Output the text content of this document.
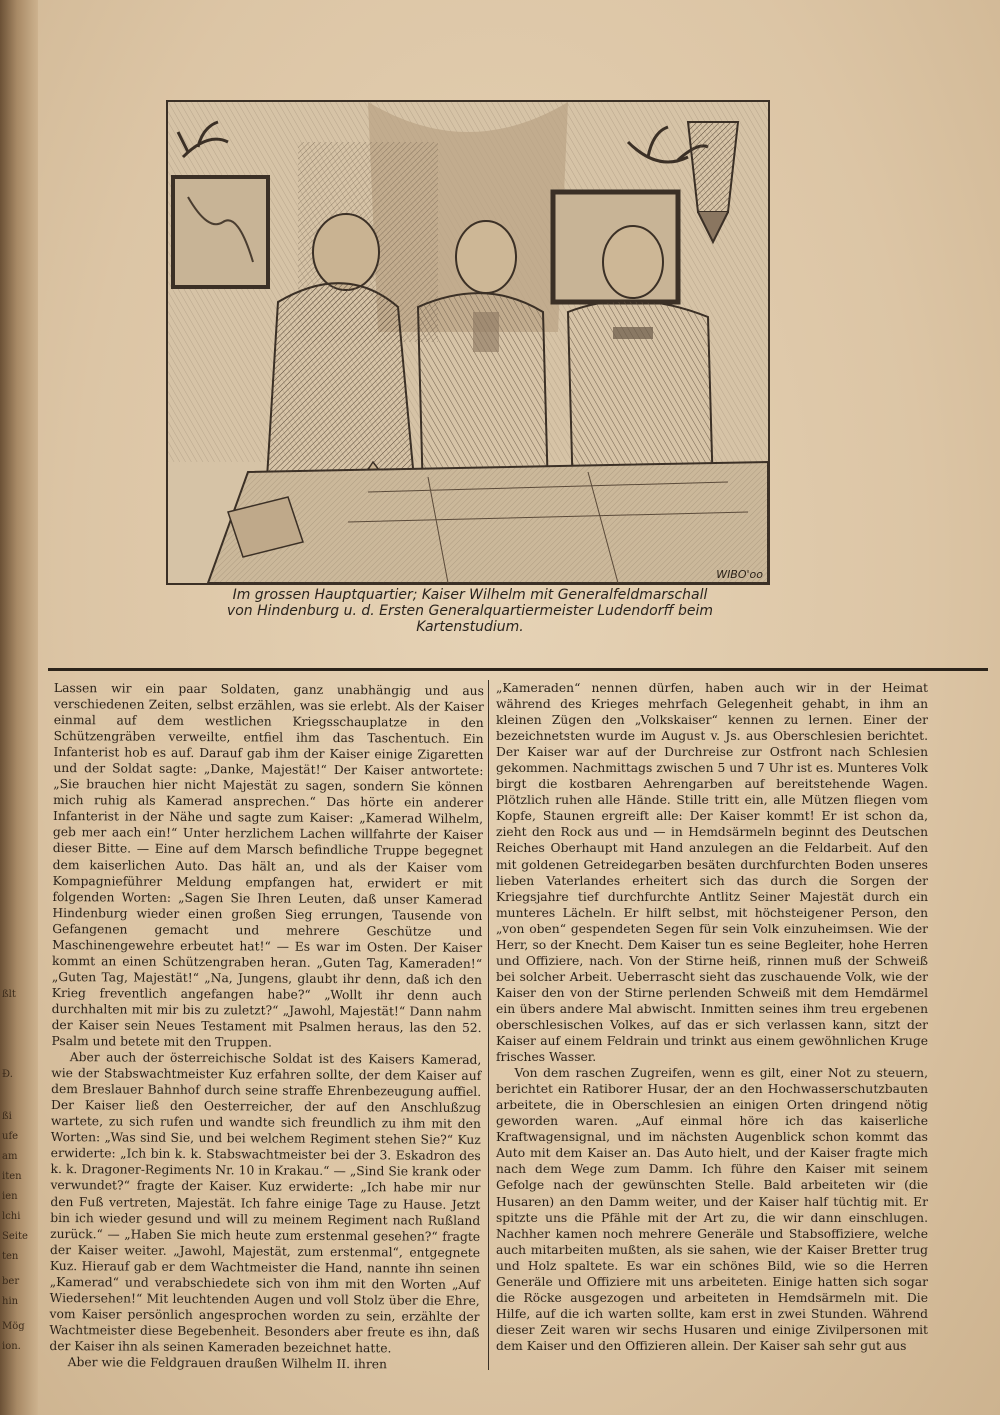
ßlt
Ð.
ßi
ufe
am
iten
ien
lchi
Seite
ten
ber
hin
Mög
ion.
WIBO'oo
Im grossen Hauptquartier; Kaiser Wilhelm mit Generalfeldmarschall
von Hindenburg u. d. Ersten Generalquartiermeister Ludendorff beim
Kartenstudium.

Lassen wir ein paar Soldaten, ganz unabhängig und aus verschiedenen Zeiten, selbst erzählen, was sie erlebt. Als der Kaiser einmal auf dem westlichen Kriegsschauplatze in den Schützengräben verweilte, entfiel ihm das Taschentuch. Ein Infanterist hob es auf. Darauf gab ihm der Kaiser einige Zigaretten und der Soldat sagte: „Danke, Majestät!“ Der Kaiser antwortete: „Sie brauchen hier nicht Majestät zu sagen, sondern Sie können mich ruhig als Kamerad ansprechen.“ Das hörte ein anderer Infanterist in der Nähe und sagte zum Kaiser: „Kamerad Wilhelm, geb mer aach ein!“ Unter herzlichem Lachen willfahrte der Kaiser dieser Bitte. — Eine auf dem Marsch befindliche Truppe begegnet dem kaiserlichen Auto. Das hält an, und als der Kaiser vom Kompagnieführer Meldung empfangen hat, erwidert er mit folgenden Worten: „Sagen Sie Ihren Leuten, daß unser Kamerad Hindenburg wieder einen großen Sieg errungen, Tausende von Gefangenen gemacht und mehrere Geschütze und Maschinengewehre erbeutet hat!“ — Es war im Osten. Der Kaiser kommt an einen Schützengraben heran. „Guten Tag, Kameraden!“ „Guten Tag, Majestät!“ „Na, Jungens, glaubt ihr denn, daß ich den Krieg freventlich angefangen habe?“ „Wollt ihr denn auch durchhalten mit mir bis zu zuletzt?“ „Jawohl, Majestät!“ Dann nahm der Kaiser sein Neues Testament mit Psalmen heraus, las den 52. Psalm und betete mit den Truppen.

Aber auch der österreichische Soldat ist des Kaisers Kamerad, wie der Stabswachtmeister Kuz erfahren sollte, der dem Kaiser auf dem Breslauer Bahnhof durch seine straffe Ehrenbezeugung auffiel. Der Kaiser ließ den Oesterreicher, der auf den Anschlußzug wartete, zu sich rufen und wandte sich freundlich zu ihm mit den Worten: „Was sind Sie, und bei welchem Regiment stehen Sie?“ Kuz erwiderte: „Ich bin k. k. Stabswachtmeister bei der 3. Eskadron des k. k. Dragoner-Regiments Nr. 10 in Krakau.“ — „Sind Sie krank oder verwundet?“ fragte der Kaiser. Kuz erwiderte: „Ich habe mir nur den Fuß vertreten, Majestät. Ich fahre einige Tage zu Hause. Jetzt bin ich wieder gesund und will zu meinem Regiment nach Rußland zurück.“ — „Haben Sie mich heute zum erstenmal gesehen?“ fragte der Kaiser weiter. „Jawohl, Majestät, zum erstenmal“, entgegnete Kuz. Hierauf gab er dem Wachtmeister die Hand, nannte ihn seinen „Kamerad“ und verabschiedete sich von ihm mit den Worten „Auf Wiedersehen!“ Mit leuchtenden Augen und voll Stolz über die Ehre, vom Kaiser persönlich angesprochen worden zu sein, erzählte der Wachtmeister diese Begebenheit. Besonders aber freute es ihn, daß der Kaiser ihn als seinen Kameraden bezeichnet hatte.

Aber wie die Feldgrauen draußen Wilhelm II. ihren

„Kameraden“ nennen dürfen, haben auch wir in der Heimat während des Krieges mehrfach Gelegenheit gehabt, in ihm an kleinen Zügen den „Volkskaiser“ kennen zu lernen. Einer der bezeichnetsten wurde im August v. Js. aus Oberschlesien berichtet. Der Kaiser war auf der Durchreise zur Ostfront nach Schlesien gekommen. Nachmittags zwischen 5 und 7 Uhr ist es. Munteres Volk birgt die kostbaren Aehrengarben auf bereitstehende Wagen. Plötzlich ruhen alle Hände. Stille tritt ein, alle Mützen fliegen vom Kopfe, Staunen ergreift alle: Der Kaiser kommt! Er ist schon da, zieht den Rock aus und — in Hemdsärmeln beginnt des Deutschen Reiches Oberhaupt mit Hand anzulegen an die Feldarbeit. Auf den mit goldenen Getreidegarben besäten durchfurchten Boden unseres lieben Vaterlandes erheitert sich das durch die Sorgen der Kriegsjahre tief durchfurchte Antlitz Seiner Majestät durch ein munteres Lächeln. Er hilft selbst, mit höchsteigener Person, den „von oben“ gespendeten Segen für sein Volk einzuheimsen. Wie der Herr, so der Knecht. Dem Kaiser tun es seine Begleiter, hohe Herren und Offiziere, nach. Von der Stirne heiß, rinnen muß der Schweiß bei solcher Arbeit. Ueberrascht sieht das zuschauende Volk, wie der Kaiser den von der Stirne perlenden Schweiß mit dem Hemdärmel ein übers andere Mal abwischt. Inmitten seines ihm treu ergebenen oberschlesischen Volkes, auf das er sich verlassen kann, sitzt der Kaiser auf einem Feldrain und trinkt aus einem gewöhnlichen Kruge frisches Wasser.

Von dem raschen Zugreifen, wenn es gilt, einer Not zu steuern, berichtet ein Ratiborer Husar, der an den Hochwasserschutzbauten arbeitete, die in Oberschlesien an einigen Orten dringend nötig geworden waren. „Auf einmal höre ich das kaiserliche Kraftwagensignal, und im nächsten Augenblick schon kommt das Auto mit dem Kaiser an. Das Auto hielt, und der Kaiser fragte mich nach dem Wege zum Damm. Ich führe den Kaiser mit seinem Gefolge nach der gewünschten Stelle. Bald arbeiteten wir (die Husaren) an den Damm weiter, und der Kaiser half tüchtig mit. Er spitzte uns die Pfähle mit der Art zu, die wir dann einschlugen. Nachher kamen noch mehrere Generäle und Stabsoffiziere, welche auch mitarbeiten mußten, als sie sahen, wie der Kaiser Bretter trug und Holz spaltete. Es war ein schönes Bild, wie so die Herren Generäle und Offiziere mit uns arbeiteten. Einige hatten sich sogar die Röcke ausgezogen und arbeiteten in Hemdsärmeln mit. Die Hilfe, auf die ich warten sollte, kam erst in zwei Stunden. Während dieser Zeit waren wir sechs Husaren und einige Zivilpersonen mit dem Kaiser und den Offizieren allein. Der Kaiser sah sehr gut aus
